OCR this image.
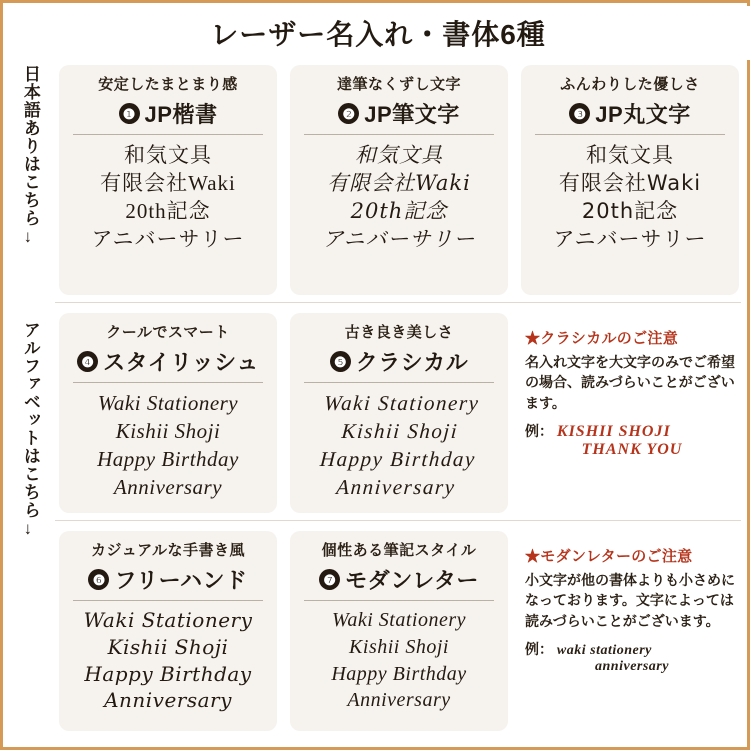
レーザー名入れ・書体6種
日本語ありはこちら
→
アルファベットはこちら
→
安定したまとまり感
❶ JP楷書
和気文具
有限会社Waki
20th記念
アニバーサリー
達筆なくずし文字
❷ JP筆文字
和気文具
有限会社Waki
20th記念
アニバーサリー
ふんわりした優しさ
❸ JP丸文字
和気文具
有限会社Waki
20th記念
アニバーサリー
クールでスマート
❹ スタイリッシュ
Waki Stationery
Kishii Shoji
Happy Birthday
Anniversary
古き良き美しさ
❺ クラシカル
Waki Stationery
Kishii Shoji
Happy Birthday
Anniversary
★クラシカルのご注意
名入れ文字を大文字のみでご希望の場合、読みづらいことがございます。
例： KISHII SHOJI
THANK YOU
カジュアルな手書き風
❻ フリーハンド
Waki Stationery
Kishii Shoji
Happy Birthday
Anniversary
個性ある筆記スタイル
❼ モダンレター
Waki Stationery
Kishii Shoji
Happy Birthday
Anniversary
★モダンレターのご注意
小文字が他の書体よりも小さめになっております。文字によっては読みづらいことがございます。
例： waki stationery
anniversary
